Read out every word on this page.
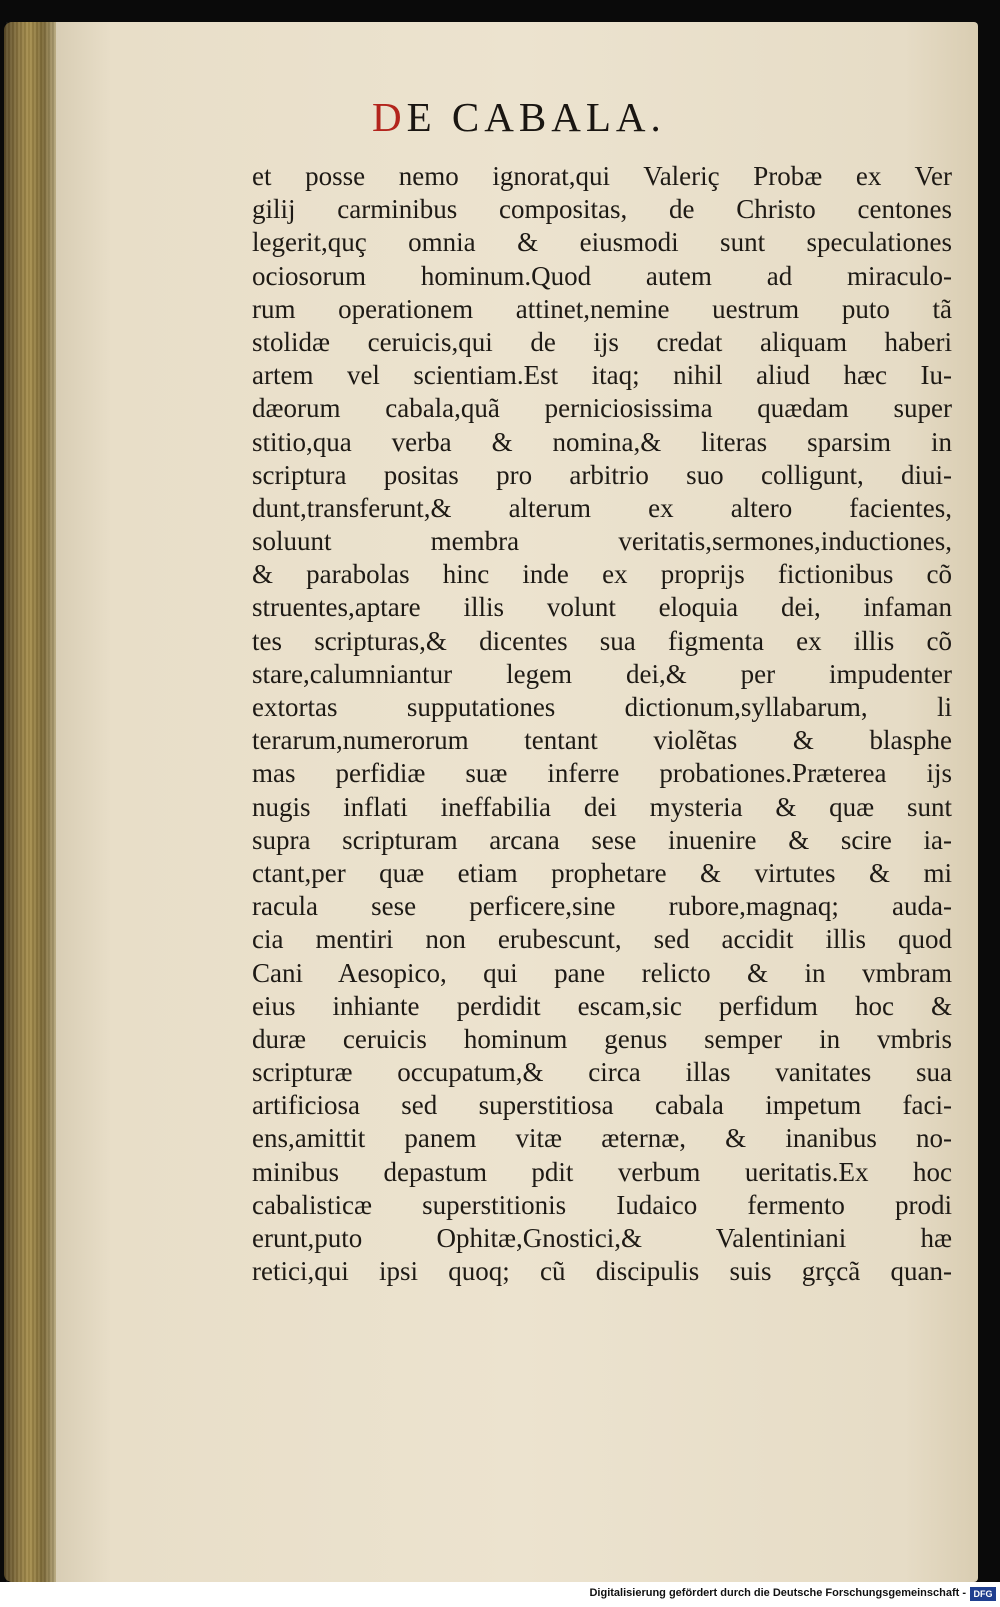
DE CABALA.
et posse nemo ignorat,qui Valeriç Probæ ex Ver
gilij carminibus compositas, de Christo centones
legerit,quç omnia & eiusmodi sunt speculationes
ociosorum hominum.Quod autem ad miraculo-
rum operationem attinet,nemine uestrum puto tã
stolidæ ceruicis,qui de ijs credat aliquam haberi
artem vel scientiam.Est itaq; nihil aliud hæc Iu-
dæorum cabala,quã perniciosissima quædam super
stitio,qua verba & nomina,& literas sparsim in
scriptura positas pro arbitrio suo colligunt, diui-
dunt,transferunt,& alterum ex altero facientes,
soluunt membra veritatis,sermones,inductiones,
& parabolas hinc inde ex proprijs fictionibus cõ
struentes,aptare illis volunt eloquia dei, infaman
tes scripturas,& dicentes sua figmenta ex illis cõ
stare,calumniantur legem dei,& per impudenter
extortas supputationes dictionum,syllabarum, li
terarum,numerorum tentant violẽtas & blasphe
mas perfidiæ suæ inferre probationes.Præterea ijs
nugis inflati ineffabilia dei mysteria & quæ sunt
supra scripturam arcana sese inuenire & scire ia-
ctant,per quæ etiam prophetare & virtutes & mi
racula sese perficere,sine rubore,magnaq; auda-
cia mentiri non erubescunt, sed accidit illis quod
Cani Aesopico, qui pane relicto & in vmbram
eius inhiante perdidit escam,sic perfidum hoc &
duræ ceruicis hominum genus semper in vmbris
scripturæ occupatum,& circa illas vanitates sua
artificiosa sed superstitiosa cabala impetum faci-
ens,amittit panem vitæ æternæ, & inanibus no-
minibus depastum pdit verbum ueritatis.Ex hoc
cabalisticæ superstitionis Iudaico fermento prodi
erunt,puto Ophitæ,Gnostici,& Valentiniani hæ
retici,qui ipsi quoq; cũ discipulis suis grçcã quan-
Digitalisierung gefördert durch die Deutsche Forschungsgemeinschaft - DFG
